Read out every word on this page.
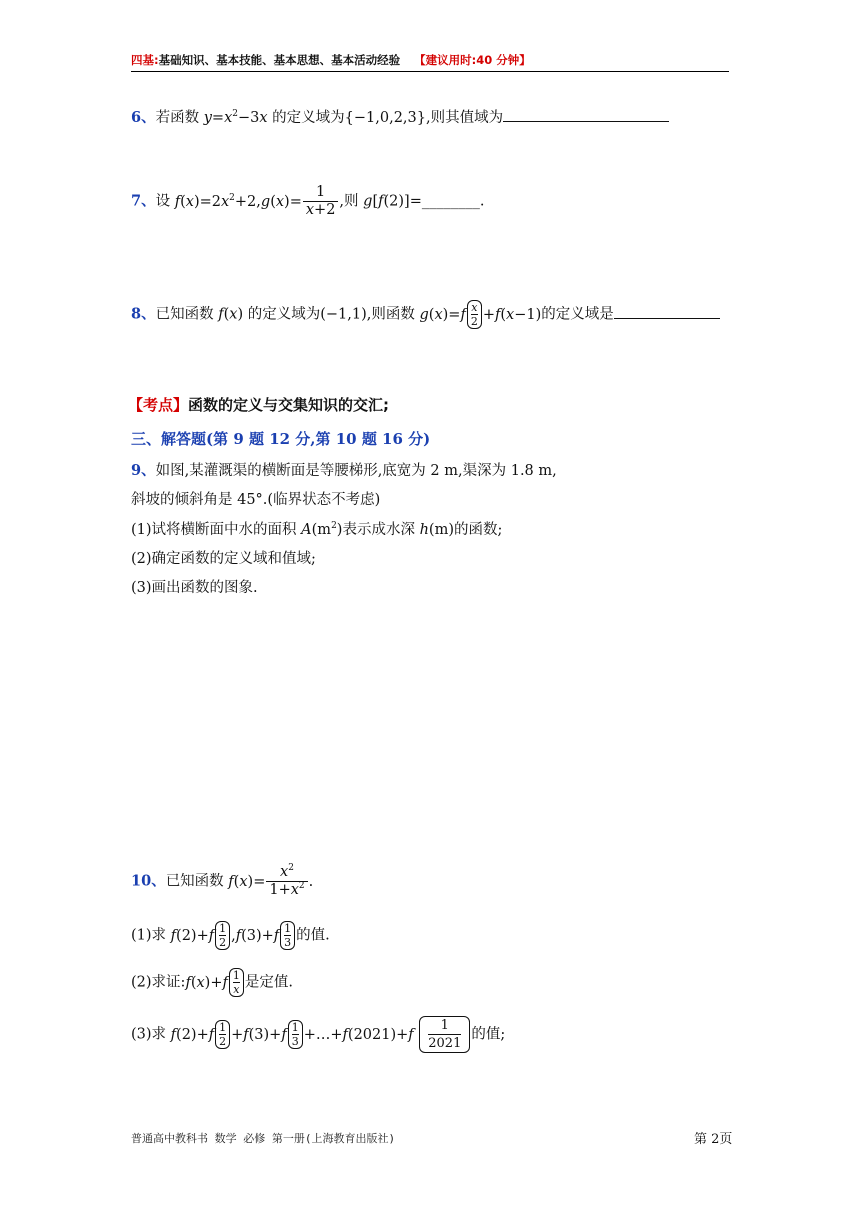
四基:基础知识、基本技能、基本思想、基本活动经验 【建议用时:40 分钟】
6、若函数 $y=x^2-3x$ 的定义域为{−1,0,2,3},则其值域为
7、设 $f(x)=2x^2+2,g(x)= \frac{1}{x+2}$ ,则 g[f(2)]=________.
8、已知函数 f(x) 的定义域为(−1,1),则函数 $g(x)=f \frac{x}{2} +f(x-1)$的定义域是
【考点】函数的定义与交集知识的交汇;
三、解答题(第 9 题 12 分,第 10 题 16 分)
9、如图,某灌溉渠的横断面是等腰梯形,底宽为 2 m,渠深为 1.8 m,
斜坡的倾斜角是 45°.(临界状态不考虑)
(1)试将横断面中水的面积 $A(m^2)$表示成水深 h(m)的函数;
(2)确定函数的定义域和值域;
(3)画出函数的图象.
10、已知函数 $f(x)= \frac{x^2}{1+x^2}$ .
(1)求 $f(2)+f \frac{1}{2} ,f(3)+f \frac{1}{3}$ 的值.
(2)求证:f(x)+f $\frac{1}{x}$ 是定值.
(3)求 $f(2)+f \frac{1}{2} +f(3)+f \frac{1}{3}$ +…+f(2021)+f $\frac{1}{2021}$ 的值;
普通高中教科书 数学 必修 第一册(上海教育出版社)	第 2页
